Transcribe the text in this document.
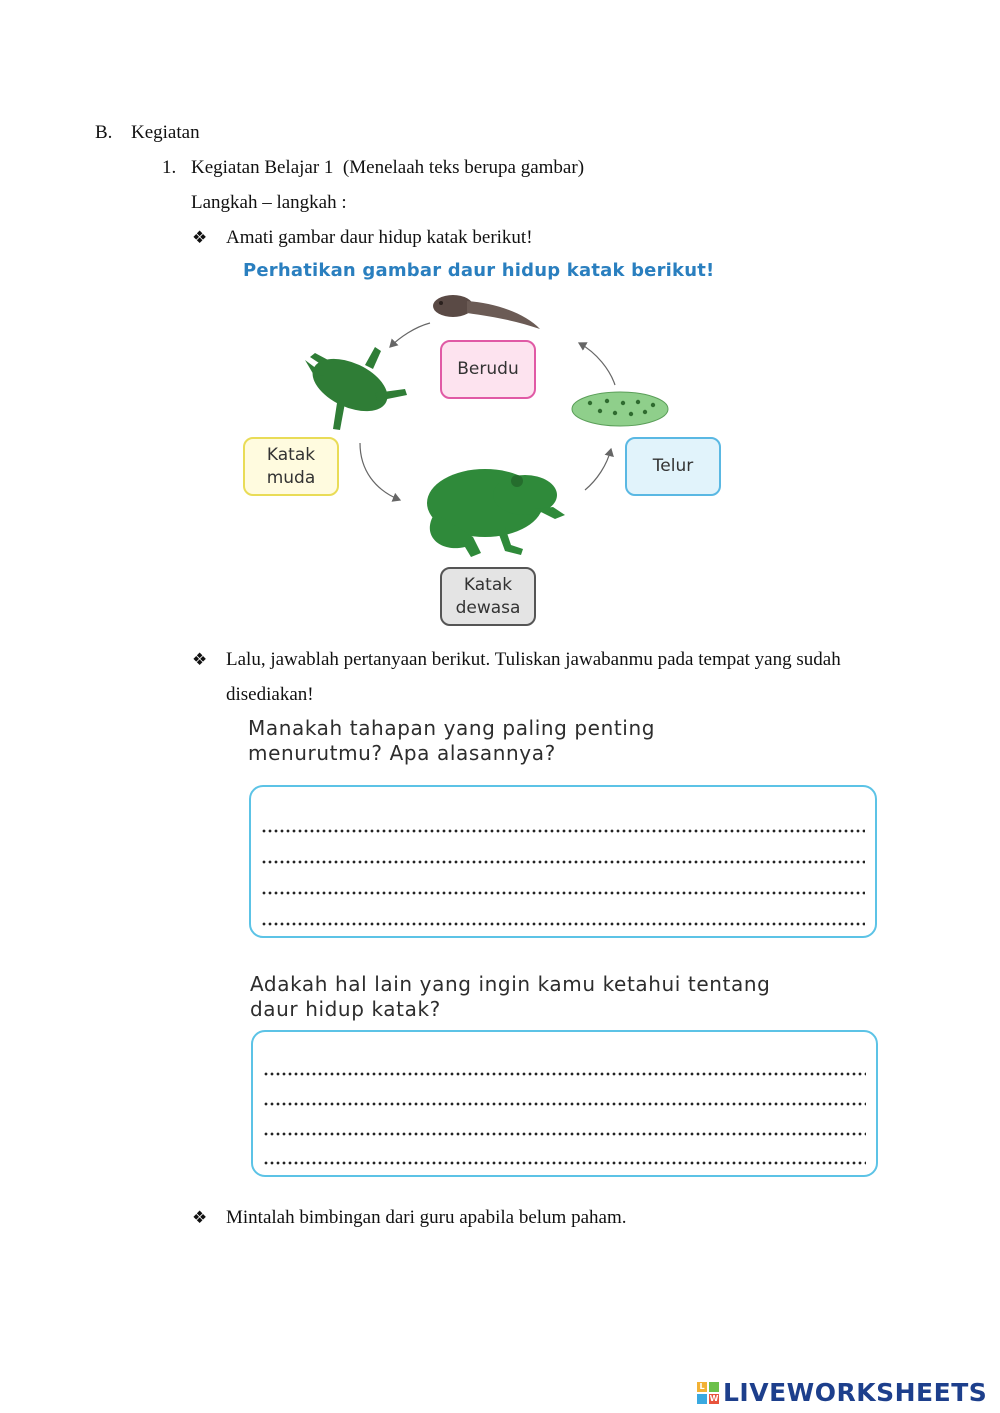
B. Kegiatan
1. Kegiatan Belajar 1  (Menelaah teks berupa gambar)
Langkah – langkah :
❖ Amati gambar daur hidup katak berikut!
Perhatikan gambar daur hidup katak berikut!
Berudu
Telur
Katak
dewasa
Katak
muda
❖ Lalu, jawablah pertanyaan berikut. Tuliskan jawabanmu pada tempat yang sudah
disediakan!
Manakah tahapan yang paling penting
menurutmu? Apa alasannya?
Adakah hal lain yang ingin kamu ketahui tentang
daur hidup katak?
❖ Mintalah bimbingan dari guru apabila belum paham.
L
W LIVEWORKSHEETS
